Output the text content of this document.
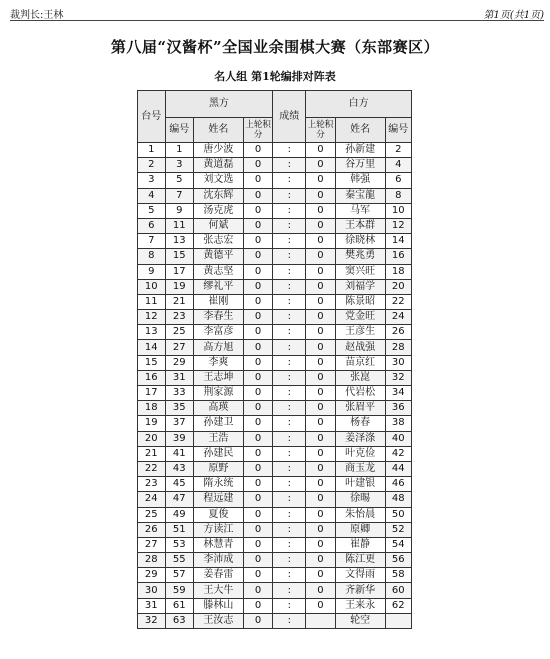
裁判长:王林	第1页(共1页)
第八届“汉酱杯”全国业余围棋大赛（东部赛区）
名人组 第1轮编排对阵表
台号	黑方			成绩	白方		
	编号	姓名	上轮积分		上轮积分	姓名	编号
1	1	唐少波	0	:	0	孙新建	2
2	3	黄道磊	0	:	0	谷万里	4
3	5	刘文选	0	:	0	韩强	6
4	7	沈东辉	0	:	0	秦宝龍	8
5	9	汤克虎	0	:	0	马军	10
6	11	何斌	0	:	0	王本群	12
7	13	张志宏	0	:	0	徐晓林	14
8	15	黄德平	0	:	0	樊兆勇	16
9	17	黄志坚	0	:	0	窦兴旺	18
10	19	缪礼平	0	:	0	刘福学	20
11	21	崔刚	0	:	0	陈景昭	22
12	23	李春生	0	:	0	党金旺	24
13	25	李富彦	0	:	0	王彦生	26
14	27	高方旭	0	:	0	赵战强	28
15	29	李爽	0	:	0	苗京红	30
16	31	王志坤	0	:	0	张崑	32
17	33	荆家源	0	:	0	代岩松	34
18	35	高瑛	0	:	0	张眉平	36
19	37	孙建卫	0	:	0	杨春	38
20	39	王浩	0	:	0	姜泽涤	40
21	41	孙建民	0	:	0	叶克俭	42
22	43	原野	0	:	0	商玉龙	44
23	45	隋永统	0	:	0	叶建银	46
24	47	程远建	0	:	0	徐晹	48
25	49	夏俊	0	:	0	朱怡晨	50
26	51	方读江	0	:	0	原卿	52
27	53	林慧青	0	:	0	崔静	54
28	55	李沛成	0	:	0	陈江更	56
29	57	姜春雷	0	:	0	文得雨	58
30	59	王大牛	0	:	0	齐新华	60
31	61	滕林山	0	:	0	王来永	62
32	63	王汝志	0	:		轮空	
